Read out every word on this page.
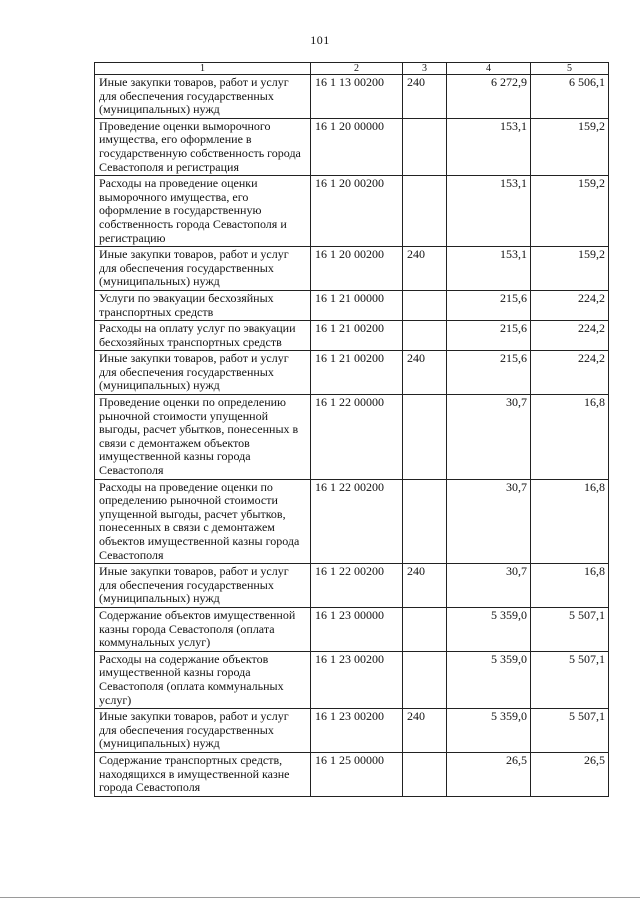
101
1	2	3	4	5
Иные закупки товаров, работ и услуг для обеспечения государственных (муниципальных) нужд	16 1 13 00200	240	6 272,9	6 506,1
Проведение оценки выморочного имущества, его оформление в государственную собственность города Севастополя и регистрация	16 1 20 00000		153,1	159,2
Расходы на проведение оценки выморочного имущества, его оформление в государственную собственность города Севастополя и регистрацию	16 1 20 00200		153,1	159,2
Иные закупки товаров, работ и услуг для обеспечения государственных (муниципальных) нужд	16 1 20 00200	240	153,1	159,2
Услуги по эвакуации бесхозяйных транспортных средств	16 1 21 00000		215,6	224,2
Расходы на оплату услуг по эвакуации бесхозяйных транспортных средств	16 1 21 00200		215,6	224,2
Иные закупки товаров, работ и услуг для обеспечения государственных (муниципальных) нужд	16 1 21 00200	240	215,6	224,2
Проведение оценки по определению рыночной стоимости упущенной выгоды, расчет убытков, понесенных в связи с демонтажем объектов имущественной казны города Севастополя	16 1 22 00000		30,7	16,8
Расходы на проведение оценки по определению рыночной стоимости упущенной выгоды, расчет убытков, понесенных в связи с демонтажем объектов имущественной казны города Севастополя	16 1 22 00200		30,7	16,8
Иные закупки товаров, работ и услуг для обеспечения государственных (муниципальных) нужд	16 1 22 00200	240	30,7	16,8
Содержание объектов имущественной казны города Севастополя (оплата коммунальных услуг)	16 1 23 00000		5 359,0	5 507,1
Расходы на содержание объектов имущественной казны города Севастополя (оплата коммунальных услуг)	16 1 23 00200		5 359,0	5 507,1
Иные закупки товаров, работ и услуг для обеспечения государственных (муниципальных) нужд	16 1 23 00200	240	5 359,0	5 507,1
Содержание транспортных средств, находящихся в имущественной казне города Севастополя	16 1 25 00000		26,5	26,5
